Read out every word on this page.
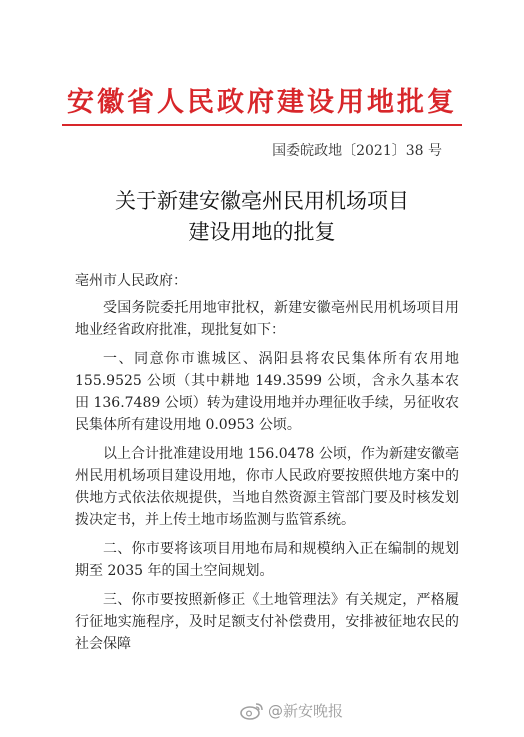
安徽省人民政府建设用地批复
国委皖政地〔2021〕38 号
关于新建安徽亳州民用机场项目
建设用地的批复
亳州市人民政府：

受国务院委托用地审批权，新建安徽亳州民用机场项目用地业经省政府批准，现批复如下：

一、同意你市谯城区、涡阳县将农民集体所有农用地 155.9525 公顷（其中耕地 149.3599 公顷，含永久基本农田 136.7489 公顷）转为建设用地并办理征收手续，另征收农民集体所有建设用地 0.0953 公顷。

以上合计批准建设用地 156.0478 公顷，作为新建安徽亳州民用机场项目建设用地，你市人民政府要按照供地方案中的供地方式依法依规提供，当地自然资源主管部门要及时核发划拨决定书，并上传土地市场监测与监管系统。

二、你市要将该项目用地布局和规模纳入正在编制的规划期至 2035 年的国土空间规划。

三、你市要按照新修正《土地管理法》有关规定，严格履行征地实施程序，及时足额支付补偿费用，安排被征地农民的社会保障

@新安晚报
